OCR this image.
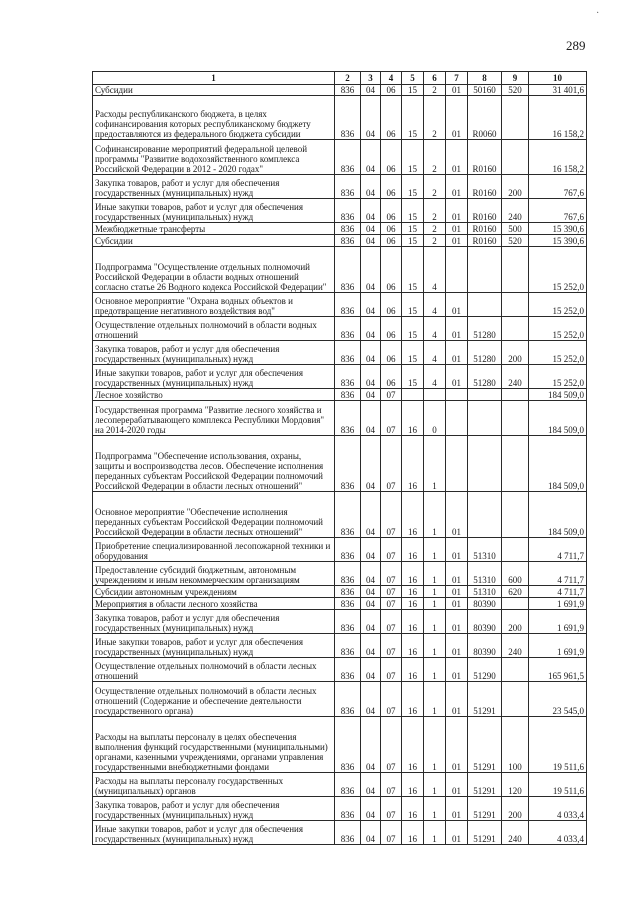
·
289
1	2	3	4	5	6	7	8	9	10
Субсидии	836	04	06	15	2	01	50160	520	31 401,6
Расходы республиканского бюджета, в целях софинансирования которых республиканскому бюджету предоставляются из федерального бюджета субсидии	836	04	06	15	2	01	R0060		16 158,2
Софинансирование мероприятий федеральной целевой программы "Развитие водохозяйственного комплекса Российской Федерации в 2012 - 2020 годах"	836	04	06	15	2	01	R0160		16 158,2
Закупка товаров, работ и услуг для обеспечения государственных (муниципальных) нужд	836	04	06	15	2	01	R0160	200	767,6
Иные закупки товаров, работ и услуг для обеспечения государственных (муниципальных) нужд	836	04	06	15	2	01	R0160	240	767,6
Межбюджетные трансферты	836	04	06	15	2	01	R0160	500	15 390,6
Субсидии	836	04	06	15	2	01	R0160	520	15 390,6
Подпрограмма "Осуществление отдельных полномочий Российской Федерации в области водных отношений согласно статье 26 Водного кодекса Российской Федерации"	836	04	06	15	4				15 252,0
Основное мероприятие "Охрана водных объектов и предотвращение негативного воздействия вод"	836	04	06	15	4	01			15 252,0
Осуществление отдельных полномочий в области водных отношений	836	04	06	15	4	01	51280		15 252,0
Закупка товаров, работ и услуг для обеспечения государственных (муниципальных) нужд	836	04	06	15	4	01	51280	200	15 252,0
Иные закупки товаров, работ и услуг для обеспечения государственных (муниципальных) нужд	836	04	06	15	4	01	51280	240	15 252,0
Лесное хозяйство	836	04	07						184 509,0
Государственная программа "Развитие лесного хозяйства и лесоперерабатывающего комплекса Республики Мордовия" на 2014-2020 годы	836	04	07	16	0				184 509,0
Подпрограмма "Обеспечение использования, охраны, защиты и воспроизводства лесов. Обеспечение исполнения переданных субъектам Российской Федерации полномочий Российской Федерации в области лесных отношений"	836	04	07	16	1				184 509,0
Основное мероприятие "Обеспечение исполнения переданных субъектам Российской Федерации полномочий Российской Федерации в области лесных отношений"	836	04	07	16	1	01			184 509,0
Приобретение специализированной лесопожарной техники и оборудования	836	04	07	16	1	01	51310		4 711,7
Предоставление субсидий бюджетным, автономным учреждениям и иным некоммерческим организациям	836	04	07	16	1	01	51310	600	4 711,7
Субсидии автономным учреждениям	836	04	07	16	1	01	51310	620	4 711,7
Мероприятия в области лесного хозяйства	836	04	07	16	1	01	80390		1 691,9
Закупка товаров, работ и услуг для обеспечения государственных (муниципальных) нужд	836	04	07	16	1	01	80390	200	1 691,9
Иные закупки товаров, работ и услуг для обеспечения государственных (муниципальных) нужд	836	04	07	16	1	01	80390	240	1 691,9
Осуществление отдельных полномочий в области лесных отношений	836	04	07	16	1	01	51290		165 961,5
Осуществление отдельных полномочий в области лесных отношений (Содержание и обеспечение деятельности государственного органа)	836	04	07	16	1	01	51291		23 545,0
Расходы на выплаты персоналу в целях обеспечения выполнения функций государственными (муниципальными) органами, казенными учреждениями, органами управления государственными внебюджетными фондами	836	04	07	16	1	01	51291	100	19 511,6
Расходы на выплаты персоналу государственных (муниципальных) органов	836	04	07	16	1	01	51291	120	19 511,6
Закупка товаров, работ и услуг для обеспечения государственных (муниципальных) нужд	836	04	07	16	1	01	51291	200	4 033,4
Иные закупки товаров, работ и услуг для обеспечения государственных (муниципальных) нужд	836	04	07	16	1	01	51291	240	4 033,4
